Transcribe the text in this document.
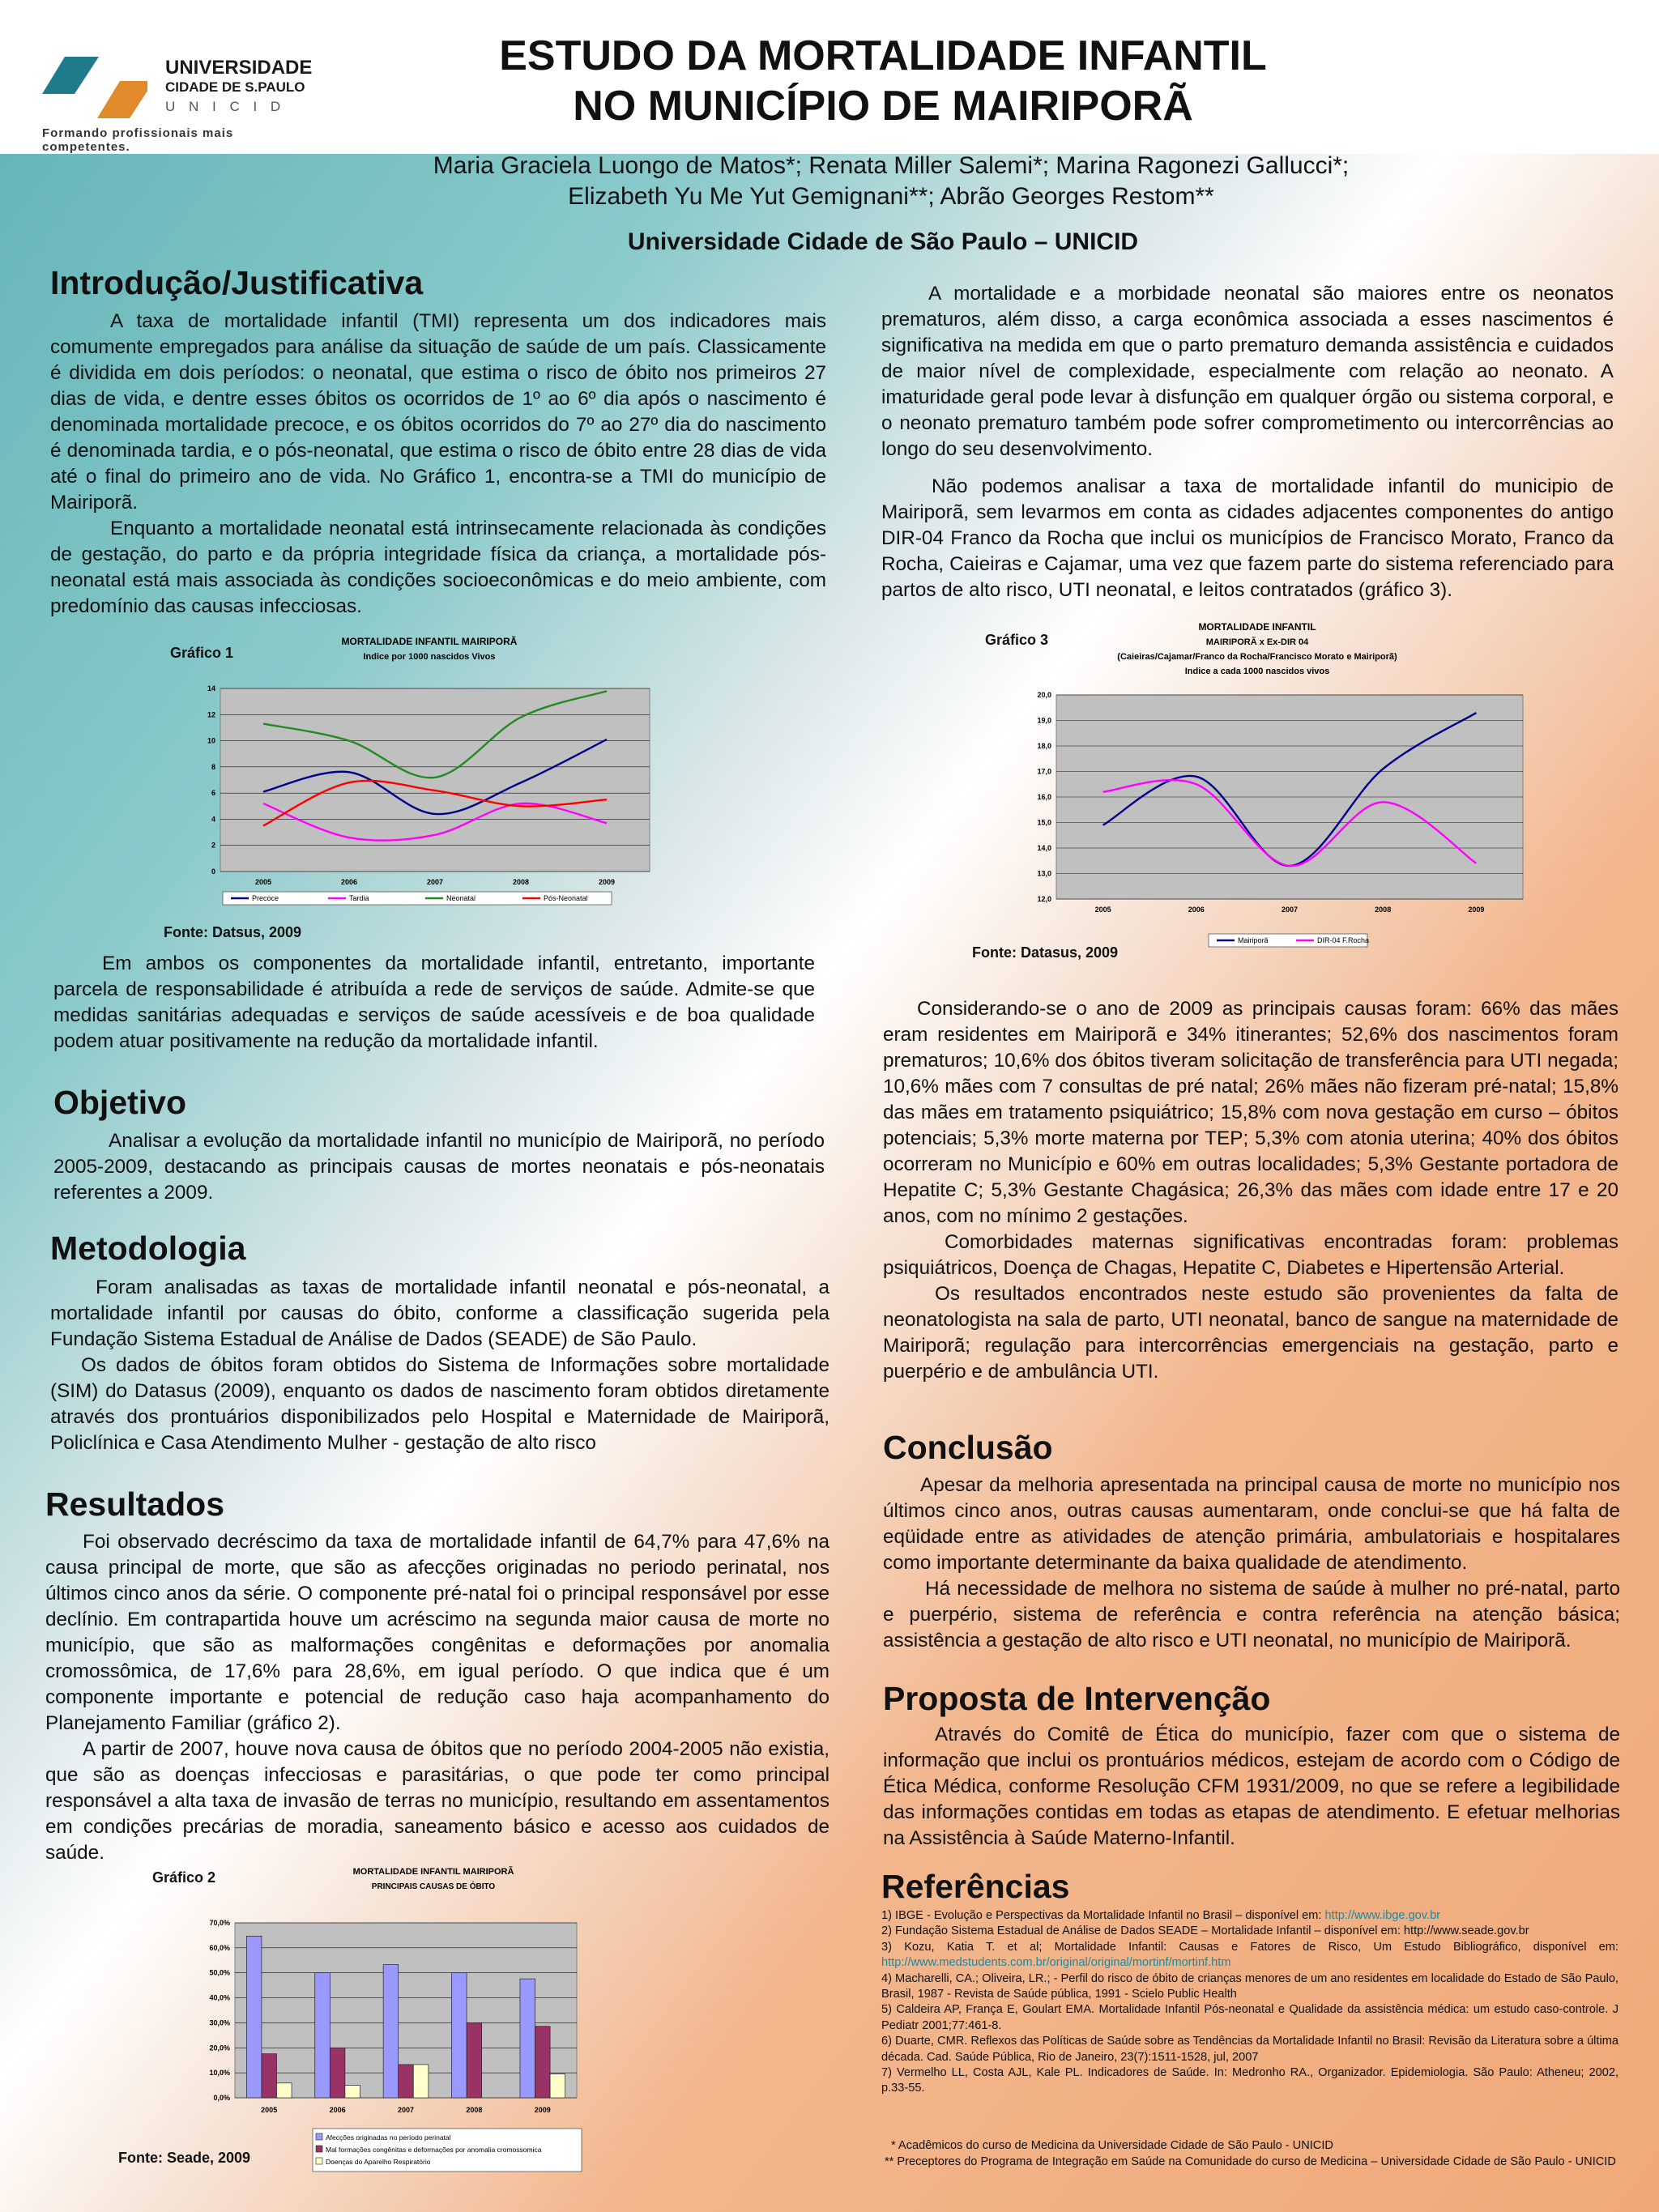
UNIVERSIDADE
CIDADE DE S.PAULO
U N I C I D
Formando profissionais mais competentes.
ESTUDO DA MORTALIDADE INFANTIL
NO MUNICÍPIO DE MAIRIPORÃ
Maria Graciela Luongo de Matos*; Renata Miller Salemi*; Marina Ragonezi Gallucci*;
Elizabeth Yu Me Yut Gemignani**; Abrão Georges Restom**
Universidade Cidade de São Paulo – UNICID
Introdução/Justificativa

A taxa de mortalidade infantil (TMI) representa um dos indicadores mais comumente empregados para análise da situação de saúde de um país. Classicamente é dividida em dois períodos: o neonatal, que estima o risco de óbito nos primeiros 27 dias de vida, e dentre esses óbitos os ocorridos de 1º ao 6º dia após o nascimento é denominada mortalidade precoce, e os óbitos ocorridos do 7º ao 27º dia do nascimento é denominada tardia, e o pós-neonatal, que estima o risco de óbito entre 28 dias de vida até o final do primeiro ano de vida. No Gráfico 1, encontra-se a TMI do município de Mairiporã.

Enquanto a mortalidade neonatal está intrinsecamente relacionada às condições de gestação, do parto e da própria integridade física da criança, a mortalidade pós-neonatal está mais associada às condições socioeconômicas e do meio ambiente, com predomínio das causas infecciosas.

Gráfico 1
MORTALIDADE INFANTIL MAIRIPORÃ
Indice por 1000 nascidos Vivos
0
2
4
6
8
10
12
14
2005	2006	2007	2008	2009
Precoce	Tardia	Neonatal	Pós-Neonatal
Fonte: Datsus, 2009

Em ambos os componentes da mortalidade infantil, entretanto, importante parcela de responsabilidade é atribuída a rede de serviços de saúde. Admite-se que medidas sanitárias adequadas e serviços de saúde acessíveis e de boa qualidade podem atuar positivamente na redução da mortalidade infantil.

Objetivo

Analisar a evolução da mortalidade infantil no município de Mairiporã, no período 2005-2009, destacando as principais causas de mortes neonatais e pós-neonatais referentes a 2009.

Metodologia

Foram analisadas as taxas de mortalidade infantil neonatal e pós-neonatal, a mortalidade infantil por causas do óbito, conforme a classificação sugerida pela Fundação Sistema Estadual de Análise de Dados (SEADE) de São Paulo.

Os dados de óbitos foram obtidos do Sistema de Informações sobre mortalidade (SIM) do Datasus (2009), enquanto os dados de nascimento foram obtidos diretamente através dos prontuários disponibilizados pelo Hospital e Maternidade de Mairiporã, Policlínica e Casa Atendimento Mulher - gestação de alto risco

Resultados

Foi observado decréscimo da taxa de mortalidade infantil de 64,7% para 47,6% na causa principal de morte, que são as afecções originadas no periodo perinatal, nos últimos cinco anos da série. O componente pré-natal foi o principal responsável por esse declínio. Em contrapartida houve um acréscimo na segunda maior causa de morte no município, que são as malformações congênitas e deformações por anomalia cromossômica, de 17,6% para 28,6%, em igual período. O que indica que é um componente importante e potencial de redução caso haja acompanhamento do Planejamento Familiar (gráfico 2).

A partir de 2007, houve nova causa de óbitos que no período 2004-2005 não existia, que são as doenças infecciosas e parasitárias, o que pode ter como principal responsável a alta taxa de invasão de terras no município, resultando em assentamentos em condições precárias de moradia, saneamento básico e acesso aos cuidados de saúde.

Gráfico 2	MORTALIDADE INFANTIL MAIRIPORÃ
PRINCIPAIS CAUSAS DE ÓBITO
0,0%
10,0%
20,0%
30,0%
40,0%
50,0%
60,0%
70,0%
2005	2006	2007	2008	2009
Afecções originadas no período perinatal
Mal formações congênitas e deformações por anomalia cromossomica
Doenças do Aparelho Respiratório
Fonte: Seade, 2009

A mortalidade e a morbidade neonatal são maiores entre os neonatos prematuros, além disso, a carga econômica associada a esses nascimentos é significativa na medida em que o parto prematuro demanda assistência e cuidados de maior nível de complexidade, especialmente com relação ao neonato. A imaturidade geral pode levar à disfunção em qualquer órgão ou sistema corporal, e o neonato prematuro também pode sofrer comprometimento ou intercorrências ao longo do seu desenvolvimento.

Não podemos analisar a taxa de mortalidade infantil do municipio de Mairiporã, sem levarmos em conta as cidades adjacentes componentes do antigo DIR-04 Franco da Rocha que inclui os municípios de Francisco Morato, Franco da Rocha, Caieiras e Cajamar, uma vez que fazem parte do sistema referenciado para partos de alto risco, UTI neonatal, e leitos contratados (gráfico 3).

Gráfico 3
MORTALIDADE INFANTIL
MAIRIPORÃ x Ex-DIR 04
(Caieiras/Cajamar/Franco da Rocha/Francisco Morato e Mairiporã)
Indice a cada 1000 nascidos vivos
12,0
13,0
14,0
15,0
16,0
17,0
18,0
19,0
20,0
2005	2006	2007	2008	2009
Mairiporã	DIR-04 F.Rocha
Fonte: Datasus, 2009

Considerando-se o ano de 2009 as principais causas foram: 66% das mães eram residentes em Mairiporã e 34% itinerantes; 52,6% dos nascimentos foram prematuros; 10,6% dos óbitos tiveram solicitação de transferência para UTI negada; 10,6% mães com 7 consultas de pré natal; 26% mães não fizeram pré-natal; 15,8% das mães em tratamento psiquiátrico; 15,8% com nova gestação em curso – óbitos potenciais; 5,3% morte materna por TEP; 5,3% com atonia uterina; 40% dos óbitos ocorreram no Município e 60% em outras localidades; 5,3% Gestante portadora de Hepatite C; 5,3% Gestante Chagásica; 26,3% das mães com idade entre 17 e 20 anos, com no mínimo 2 gestações.

Comorbidades maternas significativas encontradas foram: problemas psiquiátricos, Doença de Chagas, Hepatite C, Diabetes e Hipertensão Arterial.

Os resultados encontrados neste estudo são provenientes da falta de neonatologista na sala de parto, UTI neonatal, banco de sangue na maternidade de Mairiporã; regulação para intercorrências emergenciais na gestação, parto e puerpério e de ambulância UTI.

Conclusão

Apesar da melhoria apresentada na principal causa de morte no município nos últimos cinco anos, outras causas aumentaram, onde conclui-se que há falta de eqüidade entre as atividades de atenção primária, ambulatoriais e hospitalares como importante determinante da baixa qualidade de atendimento.

Há necessidade de melhora no sistema de saúde à mulher no pré-natal, parto e puerpério, sistema de referência e contra referência na atenção básica; assistência a gestação de alto risco e UTI neonatal, no município de Mairiporã.

Proposta de Intervenção

Através do Comitê de Ética do município, fazer com que o sistema de informação que inclui os prontuários médicos, estejam de acordo com o Código de Ética Médica, conforme Resolução CFM 1931/2009, no que se refere a legibilidade das informações contidas em todas as etapas de atendimento. E efetuar melhorias na Assistência à Saúde Materno-Infantil.

Referências
1) IBGE - Evolução e Perspectivas da Mortalidade Infantil no Brasil – disponível em: http://www.ibge.gov.br
2) Fundação Sistema Estadual de Análise de Dados SEADE – Mortalidade Infantil – disponível em: http://www.seade.gov.br
3) Kozu, Katia T. et al; Mortalidade Infantil: Causas e Fatores de Risco, Um Estudo Bibliográfico, disponível em: http://www.medstudents.com.br/original/original/mortinf/mortinf.htm
4) Macharelli, CA.; Oliveira, LR.; - Perfil do risco de óbito de crianças menores de um ano residentes em localidade do Estado de São Paulo, Brasil, 1987 - Revista de Saúde pública, 1991 - Scielo Public Health
5) Caldeira AP, França E, Goulart EMA. Mortalidade Infantil Pós-neonatal e Qualidade da assistência médica: um estudo caso-controle. J Pediatr 2001;77:461-8.
6) Duarte, CMR. Reflexos das Políticas de Saúde sobre as Tendências da Mortalidade Infantil no Brasil: Revisão da Literatura sobre a última década. Cad. Saúde Pública, Rio de Janeiro, 23(7):1511-1528, jul, 2007
7) Vermelho LL, Costa AJL, Kale PL. Indicadores de Saúde. In: Medronho RA., Organizador. Epidemiologia. São Paulo: Atheneu; 2002, p.33-55.
* Acadêmicos do curso de Medicina da Universidade Cidade de São Paulo - UNICID
** Preceptores do Programa de Integração em Saúde na Comunidade do curso de Medicina – Universidade Cidade de São Paulo - UNICID
